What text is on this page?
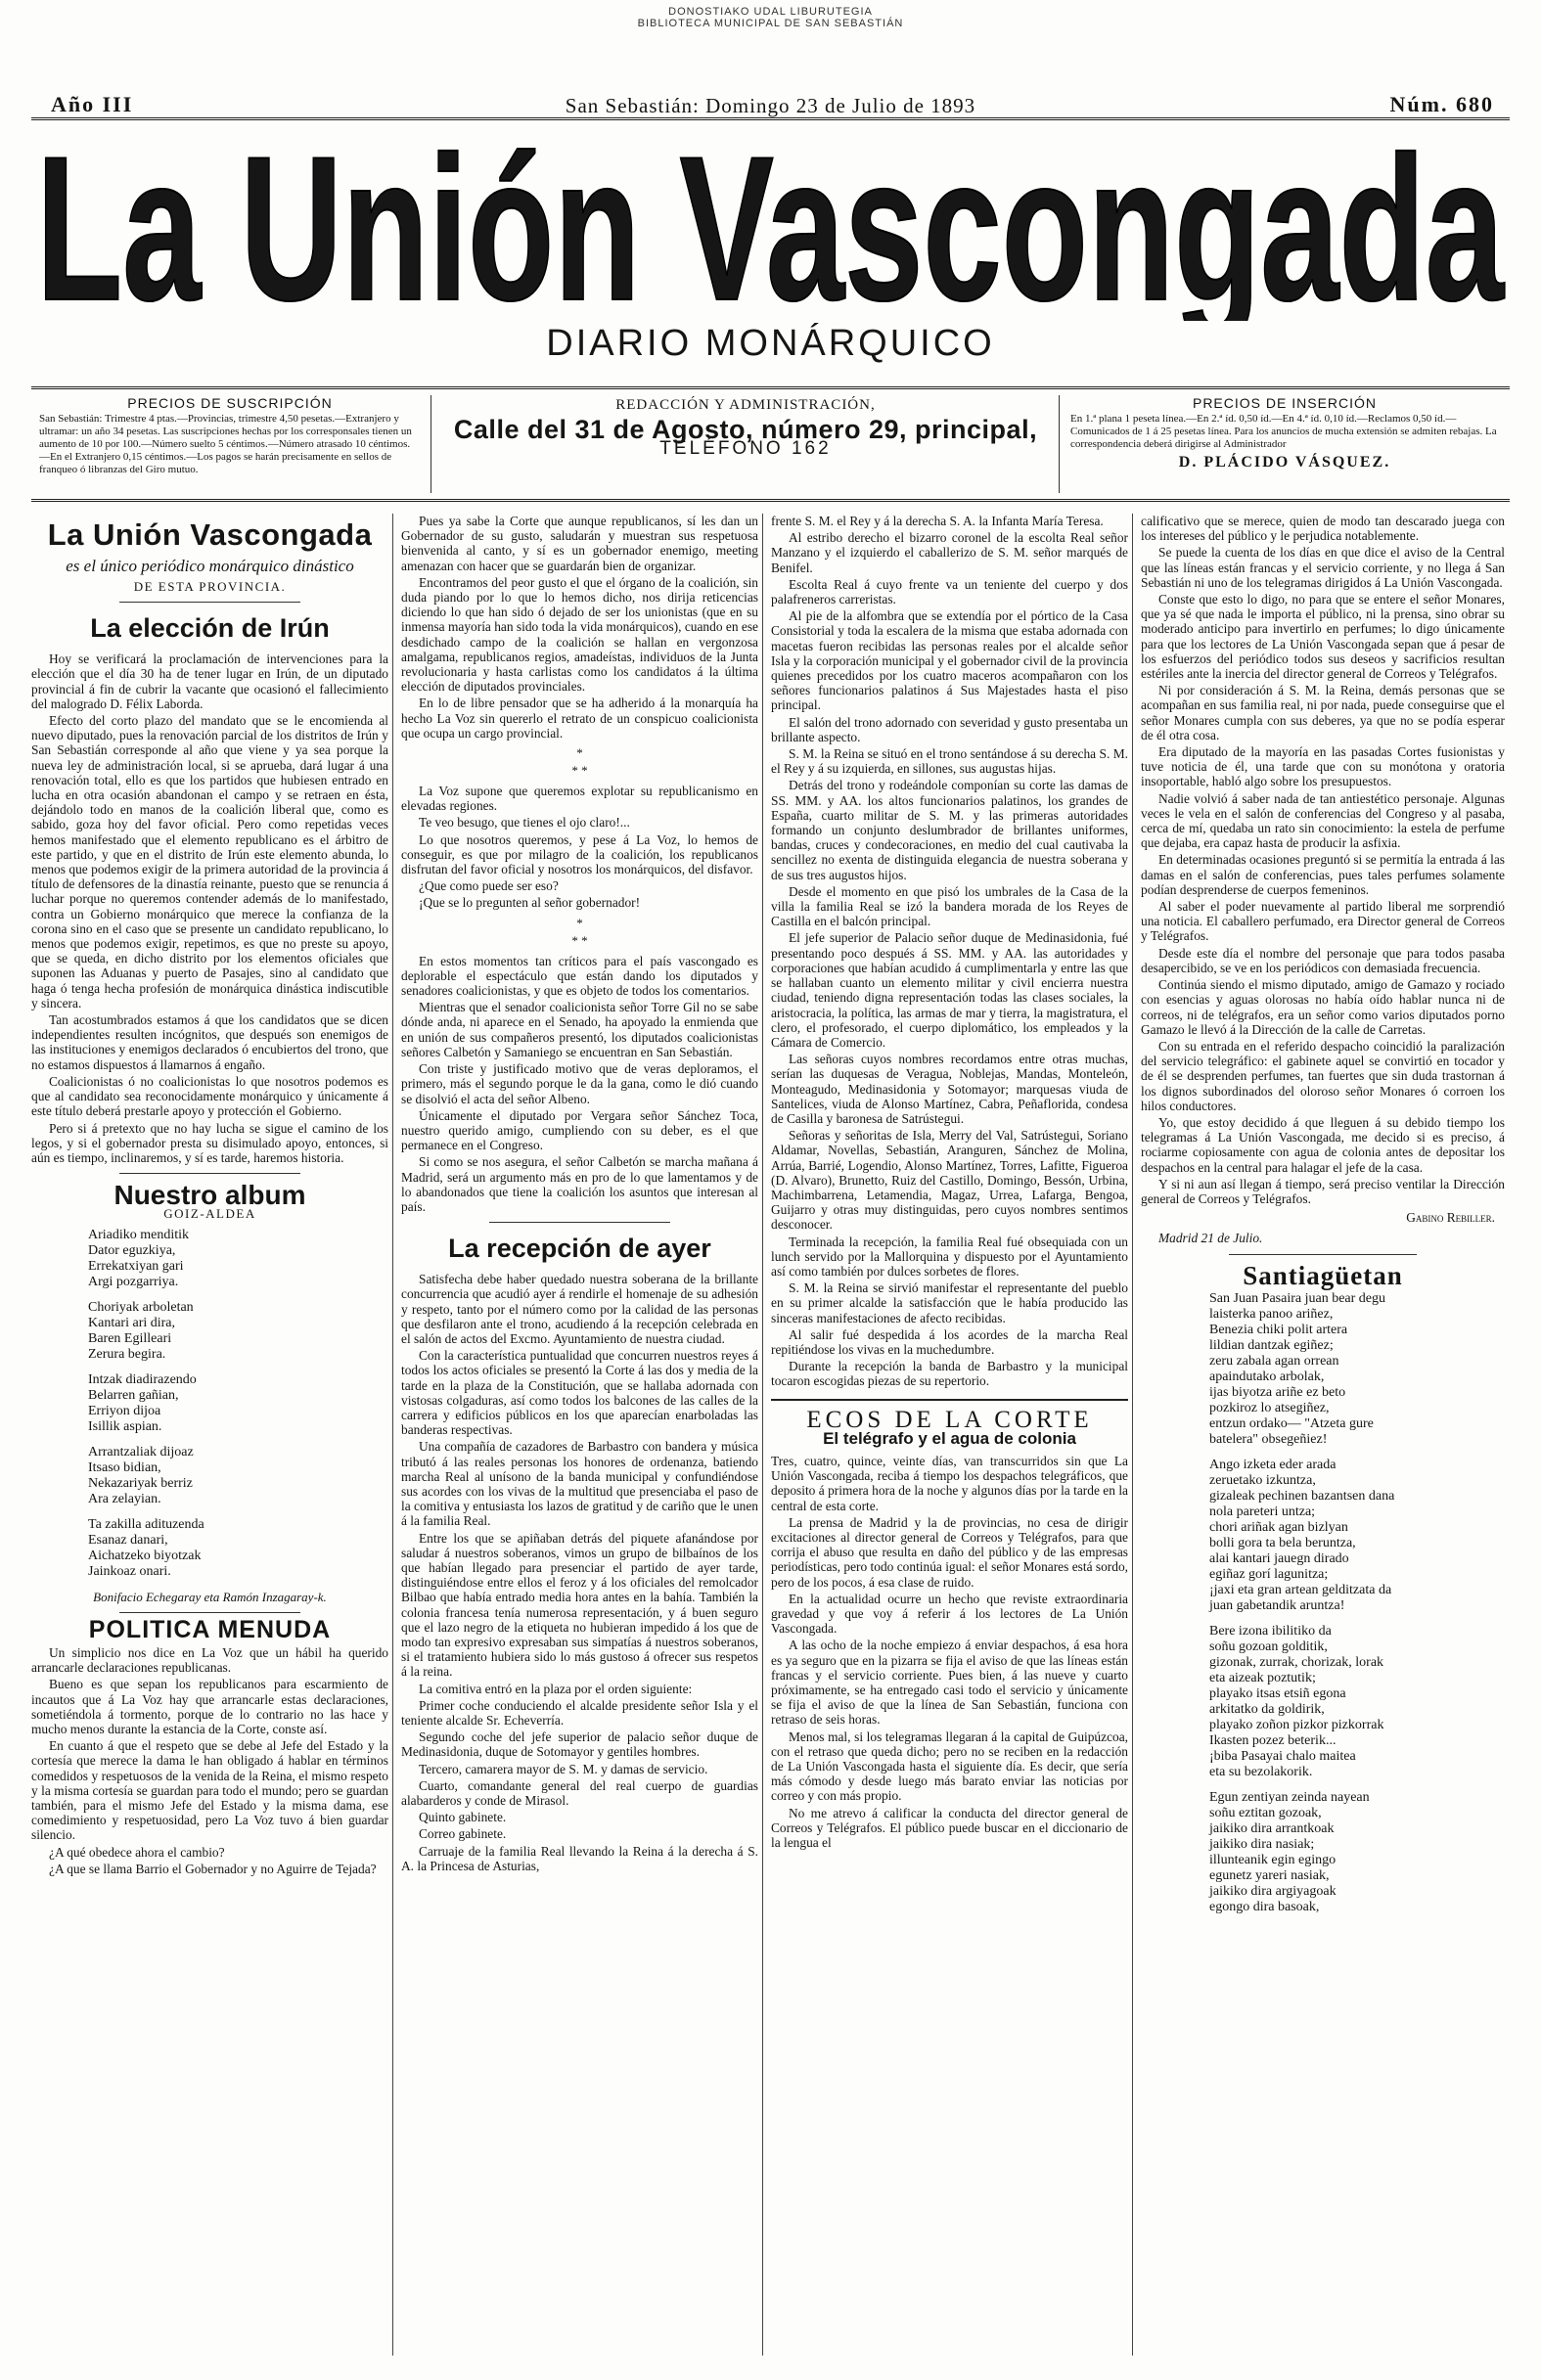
DONOSTIAKO UDAL LIBURUTEGIA
BIBLIOTECA MUNICIPAL DE SAN SEBASTIÁN
Año III	San Sebastián: Domingo 23 de Julio de 1893	Núm. 680
La Unión Vascongada
DIARIO MONÁRQUICO
PRECIOS DE SUSCRIPCIÓN
San Sebastián: Trimestre 4 ptas.—Provincias, trimestre 4,50 pesetas.—Extranjero y ultramar: un año 34 pesetas. Las suscripciones hechas por los corresponsales tienen un aumento de 10 por 100.—Número suelto 5 céntimos.—Número atrasado 10 céntimos.—En el Extranjero 0,15 céntimos.—Los pagos se harán precisamente en sellos de franqueo ó libranzas del Giro mutuo.
REDACCIÓN Y ADMINISTRACIÓN,
Calle del 31 de Agosto, número 29, principal,
TELÉFONO 162
PRECIOS DE INSERCIÓN
En 1.ª plana 1 peseta línea.—En 2.ª íd. 0,50 íd.—En 4.ª íd. 0,10 íd.—Reclamos 0,50 íd.—Comunicados de 1 á 25 pesetas línea. Para los anuncios de mucha extensión se admiten rebajas. La correspondencia deberá dirigirse al Administrador
D. PLÁCIDO VÁSQUEZ.
La Unión Vascongada
es el único periódico monárquico dinástico
DE ESTA PROVINCIA.
La elección de Irún

Hoy se verificará la proclamación de intervenciones para la elección que el día 30 ha de tener lugar en Irún, de un diputado provincial á fin de cubrir la vacante que ocasionó el fallecimiento del malogrado D. Félix Laborda.

Efecto del corto plazo del mandato que se le encomienda al nuevo diputado, pues la renovación parcial de los distritos de Irún y San Sebastián corresponde al año que viene y ya sea porque la nueva ley de administración local, si se aprueba, dará lugar á una renovación total, ello es que los partidos que hubiesen entrado en lucha en otra ocasión abandonan el campo y se retraen en ésta, dejándolo todo en manos de la coalición liberal que, como es sabido, goza hoy del favor oficial. Pero como repetidas veces hemos manifestado que el elemento republicano es el árbitro de este partido, y que en el distrito de Irún este elemento abunda, lo menos que podemos exigir de la primera autoridad de la provincia á título de defensores de la dinastía reinante, puesto que se renuncia á luchar porque no queremos contender además de lo manifestado, contra un Gobierno monárquico que merece la confianza de la corona sino en el caso que se presente un candidato republicano, lo menos que podemos exigir, repetimos, es que no preste su apoyo, que se queda, en dicho distrito por los elementos oficiales que suponen las Aduanas y puerto de Pasajes, sino al candidato que haga ó tenga hecha profesión de monárquica dinástica indiscutible y sincera.

Tan acostumbrados estamos á que los candidatos que se dicen independientes resulten incógnitos, que después son enemigos de las instituciones y enemigos declarados ó encubiertos del trono, que no estamos dispuestos á llamarnos á engaño.

Coalicionistas ó no coalicionistas lo que nosotros podemos es que al candidato sea reconocidamente monárquico y únicamente á este título deberá prestarle apoyo y protección el Gobierno.

Pero si á pretexto que no hay lucha se sigue el camino de los legos, y si el gobernador presta su disimulado apoyo, entonces, si aún es tiempo, inclinaremos, y sí es tarde, haremos historia.

Nuestro album
GOIZ-ALDEA
Ariadiko menditik
Dator eguzkiya,
Errekatxiyan gari
Argi pozgarriya.
Choriyak arboletan
Kantari ari dira,
Baren Egilleari
Zerura begira.
Intzak diadirazendo
Belarren gañian,
Erriyon dijoa
Isillik aspian.
Arrantzaliak dijoaz
Itsaso bidian,
Nekazariyak berriz
Ara zelayian.
Ta zakilla adituzenda
Esanaz danari,
Aichatzeko biyotzak
Jainkoaz onari.
Bonifacio Echegaray eta Ramón Inzagaray-k.
POLITICA MENUDA

Un simplicio nos dice en La Voz que un hábil ha querido arrancarle declaraciones republicanas.

Bueno es que sepan los republicanos para escarmiento de incautos que á La Voz hay que arrancarle estas declaraciones, sometiéndola á tormento, porque de lo contrario no las hace y mucho menos durante la estancia de la Corte, conste así.

En cuanto á que el respeto que se debe al Jefe del Estado y la cortesía que merece la dama le han obligado á hablar en términos comedidos y respetuosos de la venida de la Reina, el mismo respeto y la misma cortesía se guardan para todo el mundo; pero se guardan también, para el mismo Jefe del Estado y la misma dama, ese comedimiento y respetuosidad, pero La Voz tuvo á bien guardar silencio.

¿A qué obedece ahora el cambio?

¿A que se llama Barrio el Gobernador y no Aguirre de Tejada?

Pues ya sabe la Corte que aunque republicanos, sí les dan un Gobernador de su gusto, saludarán y muestran sus respetuosa bienvenida al canto, y sí es un gobernador enemigo, meeting amenazan con hacer que se guardarán bien de organizar.

Encontramos del peor gusto el que el órgano de la coalición, sin duda piando por lo que lo hemos dicho, nos dirija reticencias diciendo lo que han sido ó dejado de ser los unionistas (que en su inmensa mayoría han sido toda la vida monárquicos), cuando en ese desdichado campo de la coalición se hallan en vergonzosa amalgama, republicanos regios, amadeístas, individuos de la Junta revolucionaria y hasta carlistas como los candidatos á la última elección de diputados provinciales.

En lo de libre pensador que se ha adherido á la monarquía ha hecho La Voz sin quererlo el retrato de un conspicuo coalicionista que ocupa un cargo provincial.

*
* *

La Voz supone que queremos explotar su republicanismo en elevadas regiones.

Te veo besugo, que tienes el ojo claro!...

Lo que nosotros queremos, y pese á La Voz, lo hemos de conseguir, es que por milagro de la coalición, los republicanos disfrutan del favor oficial y nosotros los monárquicos, del disfavor.

¿Que como puede ser eso?

¡Que se lo pregunten al señor gobernador!

*
* *

En estos momentos tan críticos para el país vascongado es deplorable el espectáculo que están dando los diputados y senadores coalicionistas, y que es objeto de todos los comentarios.

Mientras que el senador coalicionista señor Torre Gil no se sabe dónde anda, ni aparece en el Senado, ha apoyado la enmienda que en unión de sus compañeros presentó, los diputados coalicionistas señores Calbetón y Samaniego se encuentran en San Sebastián.

Con triste y justificado motivo que de veras deploramos, el primero, más el segundo porque le da la gana, como le dió cuando se disolvió el acta del señor Albeno.

Únicamente el diputado por Vergara señor Sánchez Toca, nuestro querido amigo, cumpliendo con su deber, es el que permanece en el Congreso.

Si como se nos asegura, el señor Calbetón se marcha mañana á Madrid, será un argumento más en pro de lo que lamentamos y de lo abandonados que tiene la coalición los asuntos que interesan al país.

La recepción de ayer

Satisfecha debe haber quedado nuestra soberana de la brillante concurrencia que acudió ayer á rendirle el homenaje de su adhesión y respeto, tanto por el número como por la calidad de las personas que desfilaron ante el trono, acudiendo á la recepción celebrada en el salón de actos del Excmo. Ayuntamiento de nuestra ciudad.

Con la característica puntualidad que concurren nuestros reyes á todos los actos oficiales se presentó la Corte á las dos y media de la tarde en la plaza de la Constitución, que se hallaba adornada con vistosas colgaduras, así como todos los balcones de las calles de la carrera y edificios públicos en los que aparecían enarboladas las banderas respectivas.

Una compañía de cazadores de Barbastro con bandera y música tributó á las reales personas los honores de ordenanza, batiendo marcha Real al unísono de la banda municipal y confundiéndose sus acordes con los vivas de la multitud que presenciaba el paso de la comitiva y entusiasta los lazos de gratitud y de cariño que le unen á la familia Real.

Entre los que se apiñaban detrás del piquete afanándose por saludar á nuestros soberanos, vimos un grupo de bilbaínos de los que habían llegado para presenciar el partido de ayer tarde, distinguiéndose entre ellos el feroz y á los oficiales del remolcador Bilbao que había entrado media hora antes en la bahía. También la colonia francesa tenía numerosa representación, y á buen seguro que el lazo negro de la etiqueta no hubieran impedido á los que de modo tan expresivo expresaban sus simpatías á nuestros soberanos, si el tratamiento hubiera sido lo más gustoso á ofrecer sus respetos á la reina.

La comitiva entró en la plaza por el orden siguiente:

Primer coche conduciendo el alcalde presidente señor Isla y el teniente alcalde Sr. Echeverría.

Segundo coche del jefe superior de palacio señor duque de Medinasidonia, duque de Sotomayor y gentiles hombres.

Tercero, camarera mayor de S. M. y damas de servicio.

Cuarto, comandante general del real cuerpo de guardias alabarderos y conde de Mirasol.

Quinto gabinete.

Correo gabinete.

Carruaje de la familia Real llevando la Reina á la derecha á S. A. la Princesa de Asturias,

frente S. M. el Rey y á la derecha S. A. la Infanta María Teresa.

Al estribo derecho el bizarro coronel de la escolta Real señor Manzano y el izquierdo el caballerizo de S. M. señor marqués de Benifel.

Escolta Real á cuyo frente va un teniente del cuerpo y dos palafreneros carreristas.

Al pie de la alfombra que se extendía por el pórtico de la Casa Consistorial y toda la escalera de la misma que estaba adornada con macetas fueron recibidas las personas reales por el alcalde señor Isla y la corporación municipal y el gobernador civil de la provincia quienes precedidos por los cuatro maceros acompañaron con los señores funcionarios palatinos á Sus Majestades hasta el piso principal.

El salón del trono adornado con severidad y gusto presentaba un brillante aspecto.

S. M. la Reina se situó en el trono sentándose á su derecha S. M. el Rey y á su izquierda, en sillones, sus augustas hijas.

Detrás del trono y rodeándole componían su corte las damas de SS. MM. y AA. los altos funcionarios palatinos, los grandes de España, cuarto militar de S. M. y las primeras autoridades formando un conjunto deslumbrador de brillantes uniformes, bandas, cruces y condecoraciones, en medio del cual cautivaba la sencillez no exenta de distinguida elegancia de nuestra soberana y de sus tres augustos hijos.

Desde el momento en que pisó los umbrales de la Casa de la villa la familia Real se izó la bandera morada de los Reyes de Castilla en el balcón principal.

El jefe superior de Palacio señor duque de Medinasidonia, fué presentando poco después á SS. MM. y AA. las autoridades y corporaciones que habían acudido á cumplimentarla y entre las que se hallaban cuanto un elemento militar y civil encierra nuestra ciudad, teniendo digna representación todas las clases sociales, la aristocracia, la política, las armas de mar y tierra, la magistratura, el clero, el profesorado, el cuerpo diplomático, los empleados y la Cámara de Comercio.

Las señoras cuyos nombres recordamos entre otras muchas, serían las duquesas de Veragua, Noblejas, Mandas, Monteleón, Monteagudo, Medinasidonia y Sotomayor; marquesas viuda de Santelices, viuda de Alonso Martínez, Cabra, Peñaflorida, condesa de Casilla y baronesa de Satrústegui.

Señoras y señoritas de Isla, Merry del Val, Satrústegui, Soriano Aldamar, Novellas, Sebastián, Aranguren, Sánchez de Molina, Arrúa, Barrié, Logendio, Alonso Martínez, Torres, Lafitte, Figueroa (D. Alvaro), Brunetto, Ruiz del Castillo, Domingo, Bessón, Urbina, Machimbarrena, Letamendia, Magaz, Urrea, Lafarga, Bengoa, Guijarro y otras muy distinguidas, pero cuyos nombres sentimos desconocer.

Terminada la recepción, la familia Real fué obsequiada con un lunch servido por la Mallorquina y dispuesto por el Ayuntamiento así como también por dulces sorbetes de flores.

S. M. la Reina se sirvió manifestar el representante del pueblo en su primer alcalde la satisfacción que le había producido las sinceras manifestaciones de afecto recibidas.

Al salir fué despedida á los acordes de la marcha Real repitiéndose los vivas en la muchedumbre.

Durante la recepción la banda de Barbastro y la municipal tocaron escogidas piezas de su repertorio.

ECOS DE LA CORTE
El telégrafo y el agua de colonia

Tres, cuatro, quince, veinte días, van transcurridos sin que La Unión Vascongada, reciba á tiempo los despachos telegráficos, que deposito á primera hora de la noche y algunos días por la tarde en la central de esta corte.

La prensa de Madrid y la de provincias, no cesa de dirigir excitaciones al director general de Correos y Telégrafos, para que corrija el abuso que resulta en daño del público y de las empresas periodísticas, pero todo continúa igual: el señor Monares está sordo, pero de los pocos, á esa clase de ruido.

En la actualidad ocurre un hecho que reviste extraordinaria gravedad y que voy á referir á los lectores de La Unión Vascongada.

A las ocho de la noche empiezo á enviar despachos, á esa hora es ya seguro que en la pizarra se fija el aviso de que las líneas están francas y el servicio corriente. Pues bien, á las nueve y cuarto próximamente, se ha entregado casi todo el servicio y únicamente se fija el aviso de que la línea de San Sebastián, funciona con retraso de seis horas.

Menos mal, si los telegramas llegaran á la capital de Guipúzcoa, con el retraso que queda dicho; pero no se reciben en la redacción de La Unión Vascongada hasta el siguiente día. Es decir, que sería más cómodo y desde luego más barato enviar las noticias por correo y con más propio.

No me atrevo á calificar la conducta del director general de Correos y Telégrafos. El público puede buscar en el diccionario de la lengua el

calificativo que se merece, quien de modo tan descarado juega con los intereses del público y le perjudica notablemente.

Se puede la cuenta de los días en que dice el aviso de la Central que las líneas están francas y el servicio corriente, y no llega á San Sebastián ni uno de los telegramas dirigidos á La Unión Vascongada.

Conste que esto lo digo, no para que se entere el señor Monares, que ya sé que nada le importa el público, ni la prensa, sino obrar su moderado anticipo para invertirlo en perfumes; lo digo únicamente para que los lectores de La Unión Vascongada sepan que á pesar de los esfuerzos del periódico todos sus deseos y sacrificios resultan estériles ante la inercia del director general de Correos y Telégrafos.

Ni por consideración á S. M. la Reina, demás personas que se acompañan en sus familia real, ni por nada, puede conseguirse que el señor Monares cumpla con sus deberes, ya que no se podía esperar de él otra cosa.

Era diputado de la mayoría en las pasadas Cortes fusionistas y tuve noticia de él, una tarde que con su monótona y oratoria insoportable, habló algo sobre los presupuestos.

Nadie volvió á saber nada de tan antiestético personaje. Algunas veces le vela en el salón de conferencias del Congreso y al pasaba, cerca de mí, quedaba un rato sin conocimiento: la estela de perfume que dejaba, era capaz hasta de producir la asfixia.

En determinadas ocasiones preguntó si se permitía la entrada á las damas en el salón de conferencias, pues tales perfumes solamente podían desprenderse de cuerpos femeninos.

Al saber el poder nuevamente al partido liberal me sorprendió una noticia. El caballero perfumado, era Director general de Correos y Telégrafos.

Desde este día el nombre del personaje que para todos pasaba desapercibido, se ve en los periódicos con demasiada frecuencia.

Continúa siendo el mismo diputado, amigo de Gamazo y rociado con esencias y aguas olorosas no había oído hablar nunca ni de correos, ni de telégrafos, era un señor como varios diputados porno Gamazo le llevó á la Dirección de la calle de Carretas.

Con su entrada en el referido despacho coincidió la paralización del servicio telegráfico: el gabinete aquel se convirtió en tocador y de él se desprenden perfumes, tan fuertes que sin duda trastornan á los dignos subordinados del oloroso señor Monares ó corroen los hilos conductores.

Yo, que estoy decidido á que lleguen á su debido tiempo los telegramas á La Unión Vascongada, me decido si es preciso, á rociarme copiosamente con agua de colonia antes de depositar los despachos en la central para halagar el jefe de la casa.

Y si ni aun así llegan á tiempo, será preciso ventilar la Dirección general de Correos y Telégrafos.

Gabino Rebiller.
Madrid 21 de Julio.
Santiagüetan
San Juan Pasaira juan bear degu
laisterka panoo ariñez,
Benezia chiki polit artera
lildian dantzak egiñez;
zeru zabala agan orrean
apaindutako arbolak,
ijas biyotza ariñe ez beto
pozkiroz lo atsegiñez,
entzun ordako— "Atzeta gure
batelera" obsegeñiez!
Ango izketa eder arada
zeruetako izkuntza,
gizaleak pechinen bazantsen dana
nola pareteri untza;
chori ariñak agan bizlyan
bolli gora ta bela beruntza,
alai kantari jauegn dirado
egiñaz gorí lagunitza;
¡jaxi eta gran artean gelditzata da
juan gabetandik aruntza!
Bere izona ibilitiko da
soñu gozoan golditik,
gizonak, zurrak, chorizak, lorak
eta aizeak poztutik;
playako itsas etsiñ egona
arkitatko da goldirik,
playako zoñon pizkor pizkorrak
Ikasten pozez beterik...
¡biba Pasayai chalo maitea
eta su bezolakorik.
Egun zentiyan zeinda nayean
soñu eztitan gozoak,
jaikiko dira arrantkoak
jaikiko dira nasiak;
illunteanik egin egingo
egunetz yareri nasiak,
jaikiko dira argiyagoak
egongo dira basoak,
